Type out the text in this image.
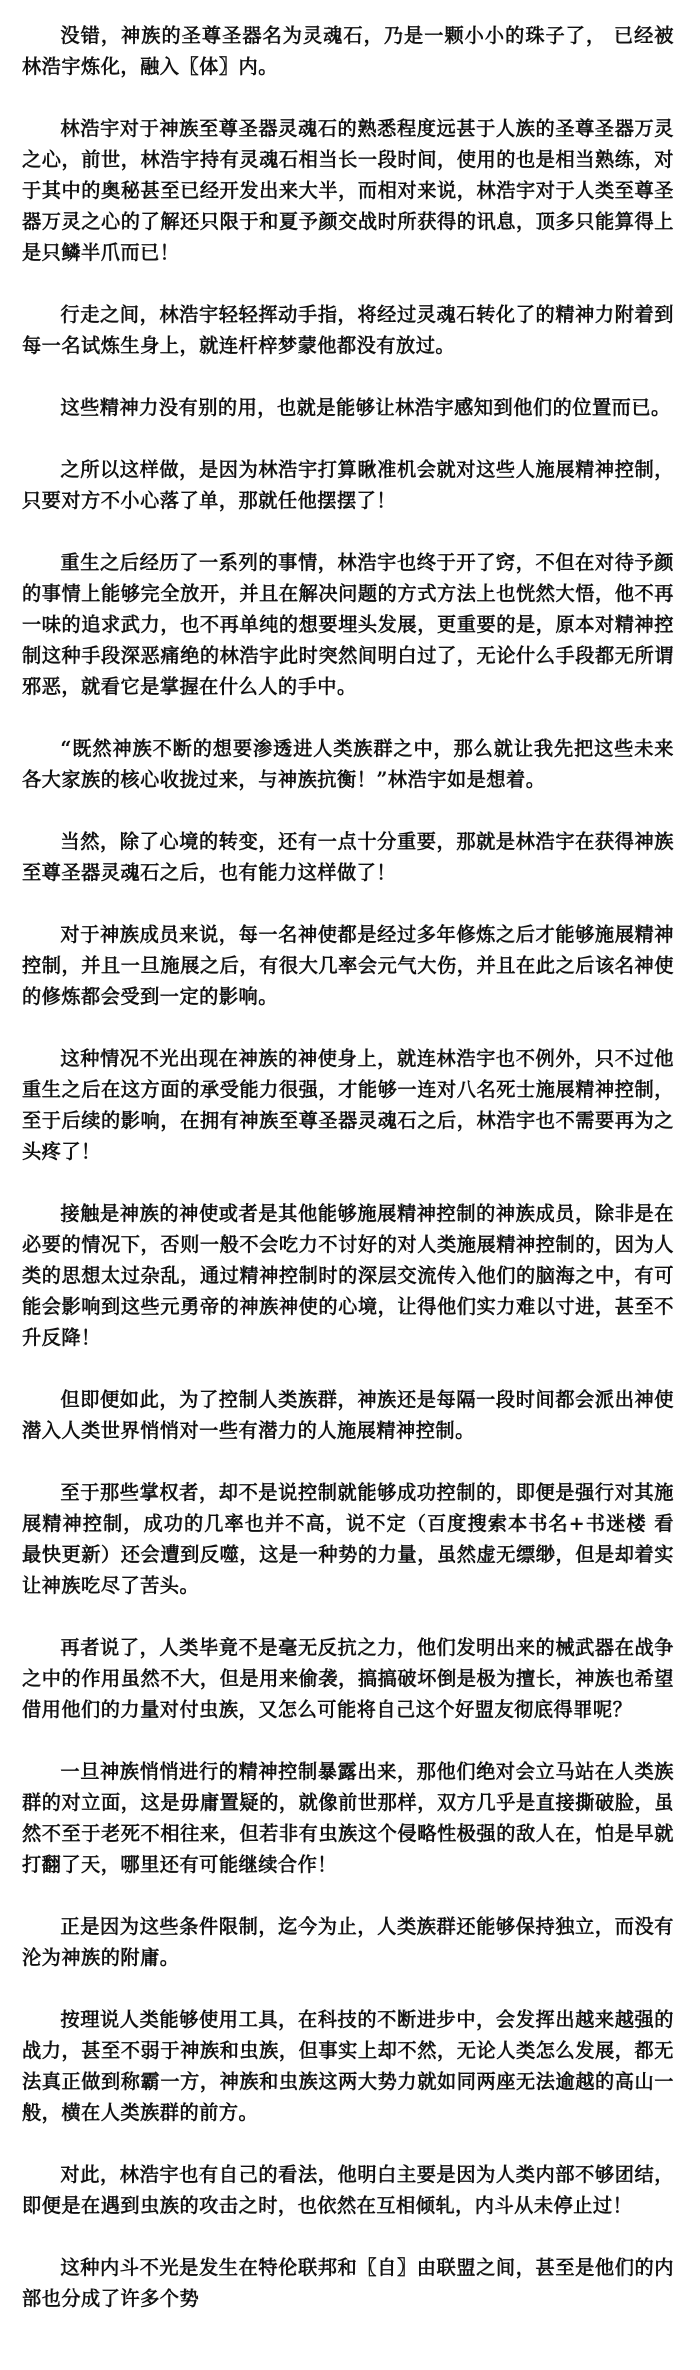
没错，神族的圣尊圣器名为灵魂石，乃是一颗小小的珠子了， 已经被林浩宇炼化，融入〖体〗内。

林浩宇对于神族至尊圣器灵魂石的熟悉程度远甚于人族的圣尊圣器万灵之心，前世，林浩宇持有灵魂石相当长一段时间，使用的也是相当熟练，对于其中的奥秘甚至已经开发出来大半，而相对来说，林浩宇对于人类至尊圣器万灵之心的了解还只限于和夏予颜交战时所获得的讯息，顶多只能算得上是只鳞半爪而已！

行走之间，林浩宇轻轻挥动手指，将经过灵魂石转化了的精神力附着到每一名试炼生身上，就连杆梓梦蒙他都没有放过。

这些精神力没有别的用，也就是能够让林浩宇感知到他们的位置而已。

之所以这样做，是因为林浩宇打算瞅准机会就对这些人施展精神控制，只要对方不小心落了单，那就任他摆摆了！

重生之后经历了一系列的事情，林浩宇也终于开了窍，不但在对待予颜的事情上能够完全放开，并且在解决问题的方式方法上也恍然大悟，他不再一味的追求武力，也不再单纯的想要埋头发展，更重要的是，原本对精神控制这种手段深恶痛绝的林浩宇此时突然间明白过了，无论什么手段都无所谓邪恶，就看它是掌握在什么人的手中。

“既然神族不断的想要渗透进人类族群之中，那么就让我先把这些未来各大家族的核心收拢过来，与神族抗衡！”林浩宇如是想着。

当然，除了心境的转变，还有一点十分重要，那就是林浩宇在获得神族至尊圣器灵魂石之后，也有能力这样做了！

对于神族成员来说，每一名神使都是经过多年修炼之后才能够施展精神控制，并且一旦施展之后，有很大几率会元气大伤，并且在此之后该名神使的修炼都会受到一定的影响。

这种情况不光出现在神族的神使身上，就连林浩宇也不例外，只不过他重生之后在这方面的承受能力很强，才能够一连对八名死士施展精神控制，至于后续的影响，在拥有神族至尊圣器灵魂石之后，林浩宇也不需要再为之头疼了！

接触是神族的神使或者是其他能够施展精神控制的神族成员，除非是在必要的情况下，否则一般不会吃力不讨好的对人类施展精神控制的，因为人类的思想太过杂乱，通过精神控制时的深层交流传入他们的脑海之中，有可能会影响到这些元勇帝的神族神使的心境，让得他们实力难以寸进，甚至不升反降！

但即便如此，为了控制人类族群，神族还是每隔一段时间都会派出神使潜入人类世界悄悄对一些有潜力的人施展精神控制。

至于那些掌权者，却不是说控制就能够成功控制的，即便是强行对其施展精神控制，成功的几率也并不高，说不定（百度搜索本书名+书迷楼 看最快更新）还会遭到反噬，这是一种势的力量，虽然虚无缥缈，但是却着实让神族吃尽了苦头。

再者说了，人类毕竟不是毫无反抗之力，他们发明出来的械武器在战争之中的作用虽然不大，但是用来偷袭，搞搞破坏倒是极为擅长，神族也希望借用他们的力量对付虫族，又怎么可能将自己这个好盟友彻底得罪呢？

一旦神族悄悄进行的精神控制暴露出来，那他们绝对会立马站在人类族群的对立面，这是毋庸置疑的，就像前世那样，双方几乎是直接撕破脸，虽然不至于老死不相往来，但若非有虫族这个侵略性极强的敌人在，怕是早就打翻了天，哪里还有可能继续合作！

正是因为这些条件限制，迄今为止，人类族群还能够保持独立，而没有沦为神族的附庸。

按理说人类能够使用工具，在科技的不断进步中，会发挥出越来越强的战力，甚至不弱于神族和虫族，但事实上却不然，无论人类怎么发展，都无法真正做到称霸一方，神族和虫族这两大势力就如同两座无法逾越的高山一般，横在人类族群的前方。

对此，林浩宇也有自己的看法，他明白主要是因为人类内部不够团结，即便是在遇到虫族的攻击之时，也依然在互相倾轧，内斗从未停止过！

这种内斗不光是发生在特伦联邦和〖自〗由联盟之间，甚至是他们的内部也分成了许多个势
